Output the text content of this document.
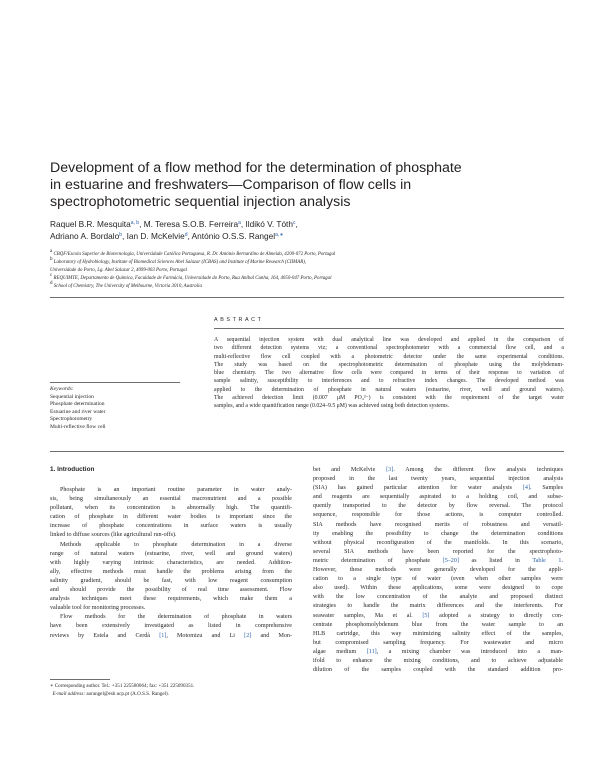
Development of a flow method for the determination of phosphate
in estuarine and freshwaters—Comparison of flow cells in
spectrophotometric sequential injection analysis
Raquel B.R. Mesquita$^{a, b}$, M. Teresa S.O.B. Ferreira$^a$, Ildikó V. Tóth$^c$,
Adriano A. Bordalo$^b$, Ian D. McKelvie$^d$, António O.S.S. Rangel$^{a,∗}$
$^a$ CBQF/Escola Superior de Biotecnologia, Universidade Católica Portuguesa, R. Dr. António Bernardino de Almeida, 4200-072 Porto, Portugal
$^b$ Laboratory of Hydrobiology, Institute of Biomedical Sciences Abel Salazar (ICBAS) and Institute of Marine Research (CIIMAR),
Universidade do Porto, Lg. Abel Salazar 2, 4099-003 Porto, Portugal
$^c$ REQUIMTE, Departamento de Química, Faculdade de Farmácia, Universidade do Porto, Rua Aníbal Cunha, 164, 4050-047 Porto, Portugal
$^d$ School of Chemistry, The University of Melbourne, Victoria 3010, Australia
ABSTRACT
A sequential injection system with dual analytical line was developed and applied in the comparison of
two different detection systems viz; a conventional spectrophotometer with a commercial flow cell, and a
multi-reflective flow cell coupled with a photometric detector under the same experimental conditions.
The study was based on the spectrophotometric determination of phosphate using the molybdenum-
blue chemistry. The two alternative flow cells were compared in terms of their response to variation of
sample salinity, susceptibility to interferences and to refractive index changes. The developed method was
applied to the determination of phosphate in natural waters (estuarine, river, well and ground waters).
The achieved detection limit (0.007 μM PO₄³⁻) is consistent with the requirement of the target water
samples, and a wide quantification range (0.024–9.5 μM) was achieved using both detection systems.
Keywords:
Sequential injection
Phosphate determination
Estuarine and river water
Spectrophotometry
Multi-reflective flow cell
1. Introduction
Phosphate is an important routine parameter in water analy-
sis, being simultaneously an essential macronutrient and a possible
pollutant, when its concentration is abnormally high. The quantifi-
cation of phosphate in different water bodies is important since the
increase of phosphate concentrations in surface waters is usually
linked to diffuse sources (like agricultural run-offs).
Methods applicable to phosphate determination in a diverse
range of natural waters (estuarine, river, well and ground waters)
with highly varying intrinsic characteristics, are needed. Addition-
ally, effective methods must handle the problems arising from the
salinity gradient, should be fast, with low reagent consumption
and should provide the possibility of real time assessment. Flow
analysis techniques meet these requirements, which make them a
valuable tool for monitoring processes.
Flow methods for the determination of phosphate in waters
have been extensively investigated as listed in comprehensive
reviews by Estela and Cerdà [1], Motomizu and Li [2] and Mon-
bet and McKelvie [3]. Among the different flow analysis techniques
proposed in the last twenty years, sequential injection analysis
(SIA) has gained particular attention for water analysis [4]. Samples
and reagents are sequentially aspirated to a holding coil, and subse-
quently transported to the detector by flow reversal. The protocol
sequence, responsible for those actions, is computer controlled.
SIA methods have recognised merits of robustness and versatil-
ity enabling the possibility to change the determination conditions
without physical reconfiguration of the manifolds. In this scenario,
several SIA methods have been reported for the spectrophoto-
metric determination of phosphate [5–20] as listed in Table 1.
However, these methods were generally developed for the appli-
cation to a single type of water (even when other samples were
also used). Within these applications, some were designed to cope
with the low concentration of the analyte and proposed distinct
strategies to handle the matrix differences and the interferents. For
seawater samples, Ma et al. [5] adopted a strategy to directly con-
centrate phosphomolybdenum blue from the water sample to an
HLB cartridge, this way minimizing salinity effect of the samples,
but compromised sampling frequency. For wastewater and micro
algae medium [11], a mixing chamber was introduced into a man-
ifold to enhance the mixing conditions, and to achieve adjustable
dilution of the samples coupled with the standard addition pro-
∗ Corresponding author. Tel.: +351 225580064; fax: +351 225090351.
E-mail address: aorangel@esb.ucp.pt (A.O.S.S. Rangel).
